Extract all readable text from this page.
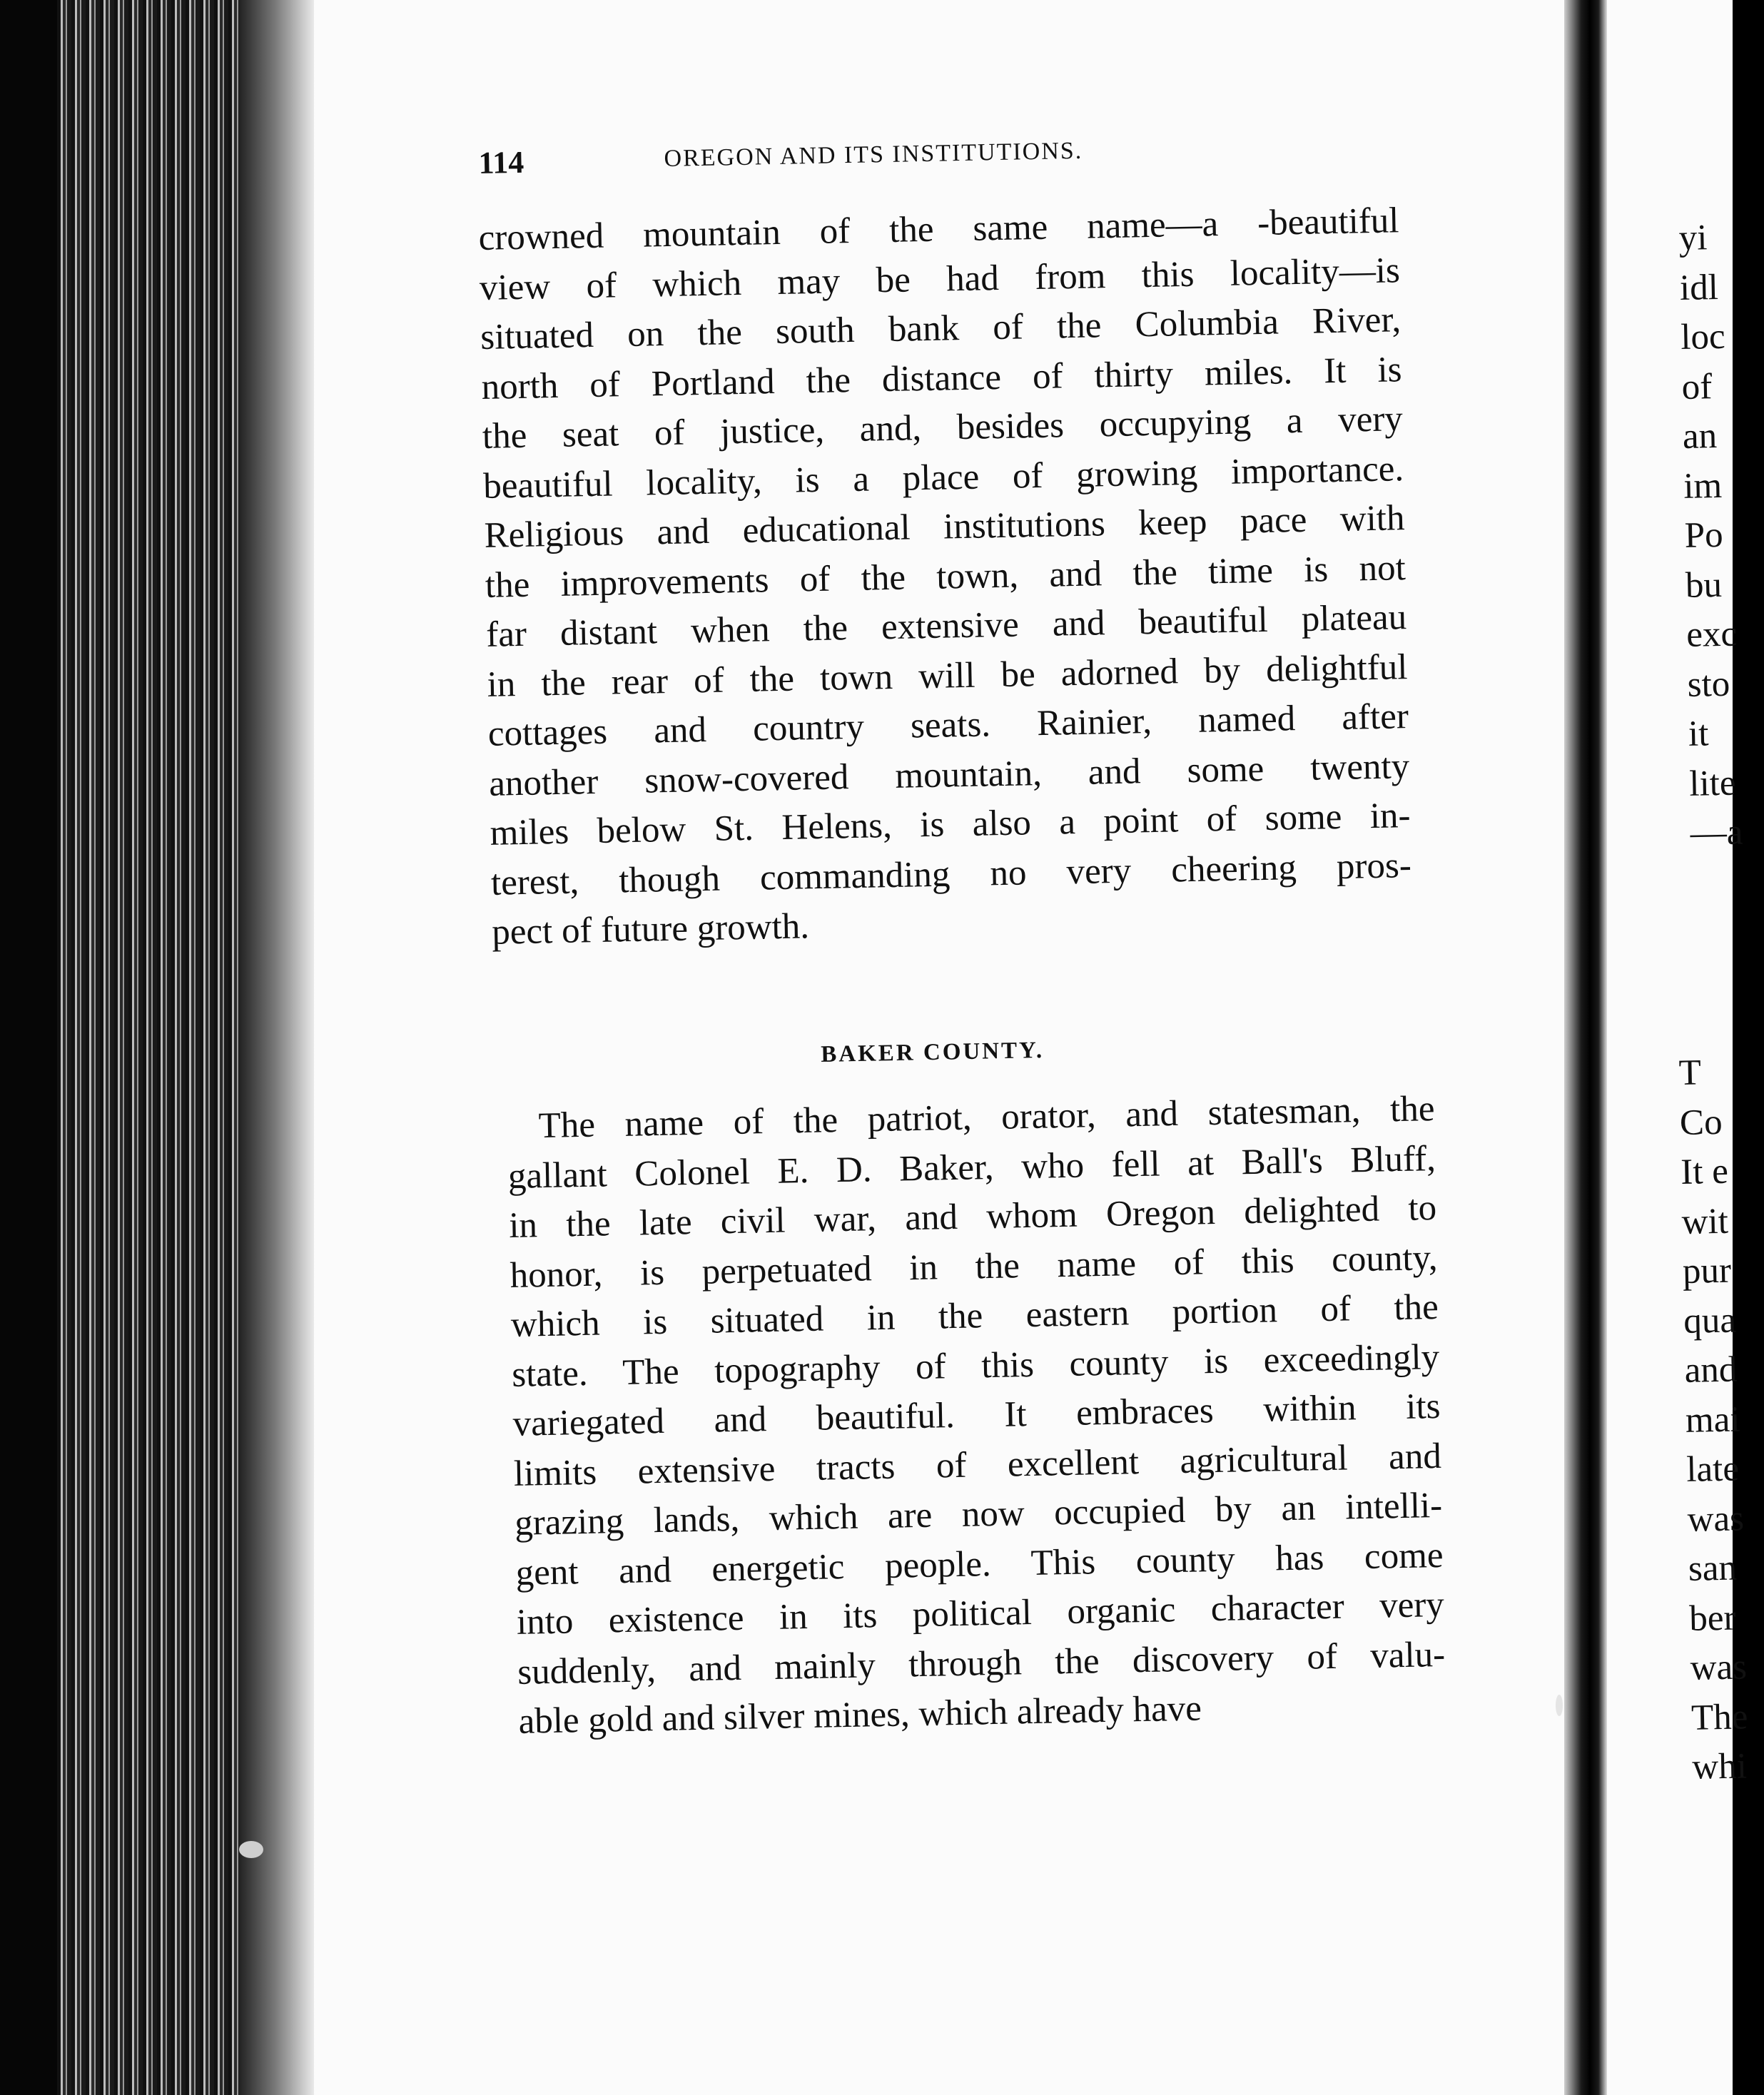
114	OREGON AND ITS INSTITUTIONS.
crowned mountain of the same name—a -beautiful
view of which may be had from this locality—is
situated on the south bank of the Columbia River,
north of Portland the distance of thirty miles. It is
the seat of justice, and, besides occupying a very
beautiful locality, is a place of growing importance.
Religious and educational institutions keep pace with
the improvements of the town, and the time is not
far distant when the extensive and beautiful plateau
in the rear of the town will be adorned by delightful
cottages and country seats. Rainier, named after
another snow-covered mountain, and some twenty
miles below St. Helens, is also a point of some in-
terest, though commanding no very cheering pros-
pect of future growth.
BAKER COUNTY.
The name of the patriot, orator, and statesman, the
gallant Colonel E. D. Baker, who fell at Ball's Bluff,
in the late civil war, and whom Oregon delighted to
honor, is perpetuated in the name of this county,
which is situated in the eastern portion of the
state. The topography of this county is exceedingly
variegated and beautiful. It embraces within its
limits extensive tracts of excellent agricultural and
grazing lands, which are now occupied by an intelli-
gent and energetic people. This county has come
into existence in its political organic character very
suddenly, and mainly through the discovery of valu-
able gold and silver mines, which already have
yi
idl
loc
of
an
im
Po
bu
exc
sto
it
lite
—a
T
Co
It e
wit
pur
qua
and
mai
late
was
san
ber
was
The
whi
